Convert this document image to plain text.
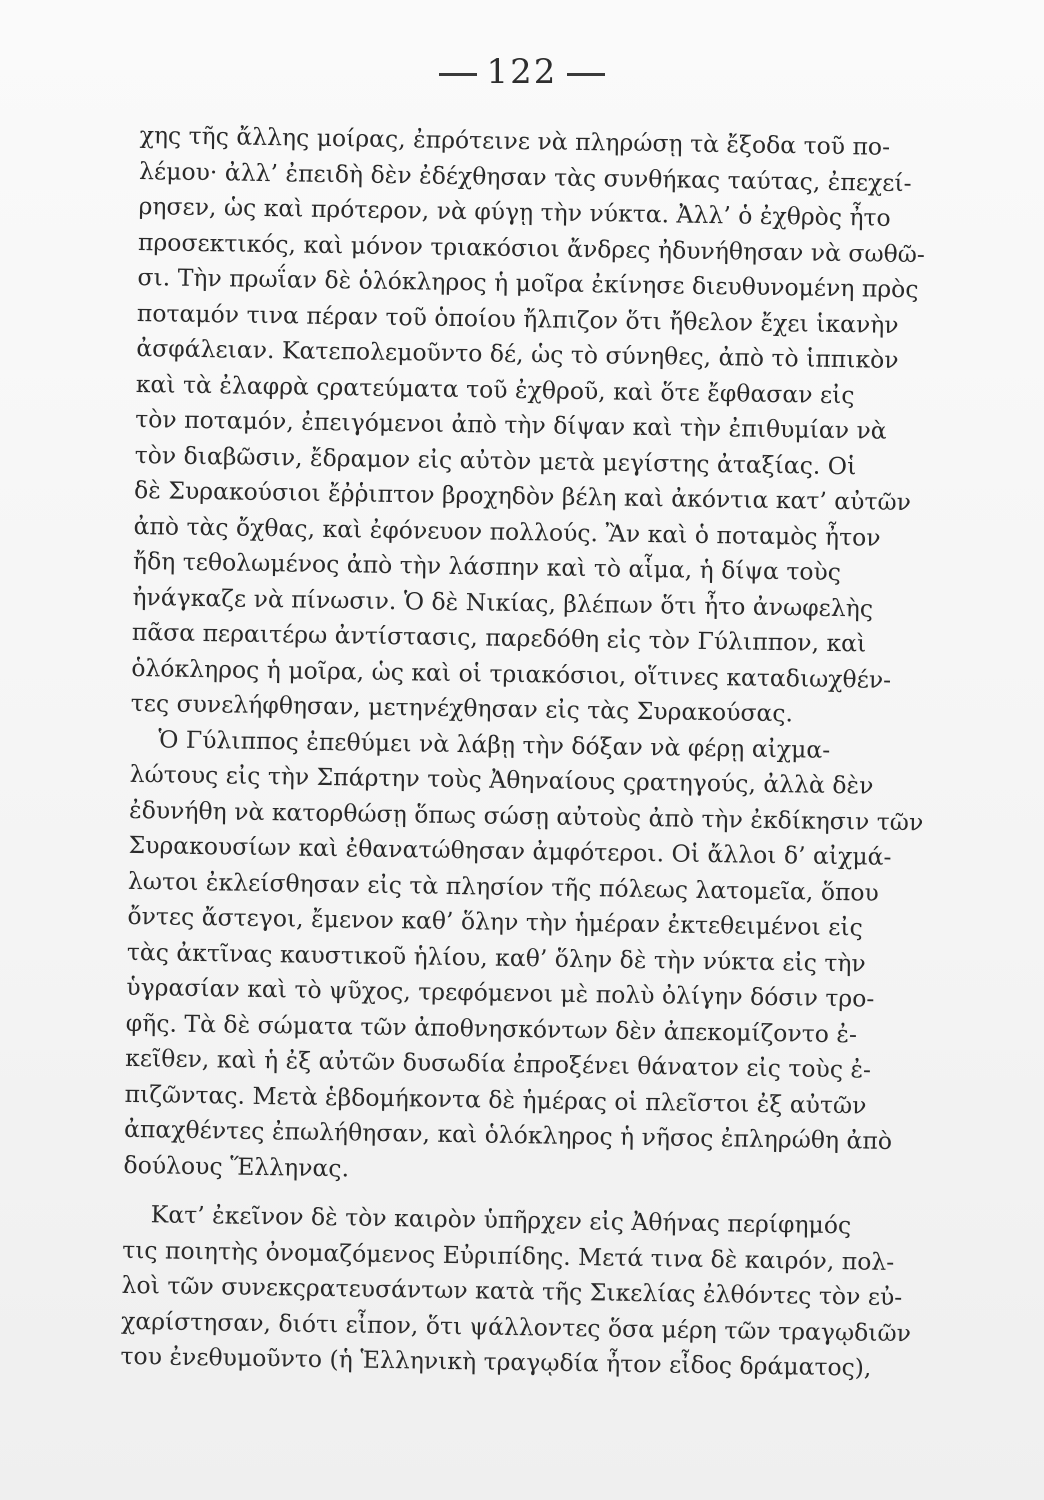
122
χης τῆς ἄλλης μοίρας, ἐπρότεινε νὰ πληρώσῃ τὰ ἔξοδα τοῦ πο-
λέμου· ἀλλ’ ἐπειδὴ δὲν ἐδέχθησαν τὰς συνθήκας ταύτας, ἐπεχεί-
ρησεν, ὡς καὶ πρότερον, νὰ φύγῃ τὴν νύκτα. Ἀλλ’ ὁ ἐχθρὸς ἦτο
προσεκτικός, καὶ μόνον τριακόσιοι ἄνδρες ἠδυνήθησαν νὰ σωθῶ-
σι. Τὴν πρωΐαν δὲ ὁλόκληρος ἡ μοῖρα ἐκίνησε διευθυνομένη πρὸς
ποταμόν τινα πέραν τοῦ ὁποίου ἤλπιζον ὅτι ἤθελον ἔχει ἱκανὴν
ἀσφάλειαν. Κατεπολεμοῦντο δέ, ὡς τὸ σύνηθες, ἀπὸ τὸ ἱππικὸν
καὶ τὰ ἐλαφρὰ ςρατεύματα τοῦ ἐχθροῦ, καὶ ὅτε ἔφθασαν εἰς
τὸν ποταμόν, ἐπειγόμενοι ἀπὸ τὴν δίψαν καὶ τὴν ἐπιθυμίαν νὰ
τὸν διαβῶσιν, ἔδραμον εἰς αὐτὸν μετὰ μεγίστης ἀταξίας. Οἱ
δὲ Συρακούσιοι ἔῤῥιπτον βροχηδὸν βέλη καὶ ἀκόντια κατ’ αὐτῶν
ἀπὸ τὰς ὄχθας, καὶ ἐφόνευον πολλούς. Ἂν καὶ ὁ ποταμὸς ἦτον
ἤδη τεθολωμένος ἀπὸ τὴν λάσπην καὶ τὸ αἷμα, ἡ δίψα τοὺς
ἠνάγκαζε νὰ πίνωσιν. Ὁ δὲ Νικίας, βλέπων ὅτι ἦτο ἀνωφελὴς
πᾶσα περαιτέρω ἀντίστασις, παρεδόθη εἰς τὸν Γύλιππον, καὶ
ὁλόκληρος ἡ μοῖρα, ὡς καὶ οἱ τριακόσιοι, οἵτινες καταδιωχθέν-
τες συνελήφθησαν, μετηνέχθησαν εἰς τὰς Συρακούσας.
Ὁ Γύλιππος ἐπεθύμει νὰ λάβῃ τὴν δόξαν νὰ φέρῃ αἰχμα-
λώτους εἰς τὴν Σπάρτην τοὺς Ἀθηναίους ςρατηγούς, ἀλλὰ δὲν
ἐδυνήθη νὰ κατορθώσῃ ὅπως σώσῃ αὐτοὺς ἀπὸ τὴν ἐκδίκησιν τῶν
Συρακουσίων καὶ ἐθανατώθησαν ἀμφότεροι. Οἱ ἄλλοι δ’ αἰχμά-
λωτοι ἐκλείσθησαν εἰς τὰ πλησίον τῆς πόλεως λατομεῖα, ὅπου
ὄντες ἄστεγοι, ἔμενον καθ’ ὅλην τὴν ἡμέραν ἐκτεθειμένοι εἰς
τὰς ἀκτῖνας καυστικοῦ ἡλίου, καθ’ ὅλην δὲ τὴν νύκτα εἰς τὴν
ὑγρασίαν καὶ τὸ ψῦχος, τρεφόμενοι μὲ πολὺ ὀλίγην δόσιν τρο-
φῆς. Τὰ δὲ σώματα τῶν ἀποθνησκόντων δὲν ἀπεκομίζοντο ἐ-
κεῖθεν, καὶ ἡ ἐξ αὐτῶν δυσωδία ἐπροξένει θάνατον εἰς τοὺς ἐ-
πιζῶντας. Μετὰ ἑβδομήκοντα δὲ ἡμέρας οἱ πλεῖστοι ἐξ αὐτῶν
ἀπαχθέντες ἐπωλήθησαν, καὶ ὁλόκληρος ἡ νῆσος ἐπληρώθη ἀπὸ
δούλους Ἕλληνας.
Κατ’ ἐκεῖνον δὲ τὸν καιρὸν ὑπῆρχεν εἰς Ἀθήνας περίφημός
τις ποιητὴς ὀνομαζόμενος Εὐριπίδης. Μετά τινα δὲ καιρόν, πολ-
λοὶ τῶν συνεκςρατευσάντων κατὰ τῆς Σικελίας ἐλθόντες τὸν εὐ-
χαρίστησαν, διότι εἶπον, ὅτι ψάλλοντες ὅσα μέρη τῶν τραγῳδιῶν
του ἐνεθυμοῦντο (ἡ Ἑλληνικὴ τραγῳδία ἦτον εἶδος δράματος),
